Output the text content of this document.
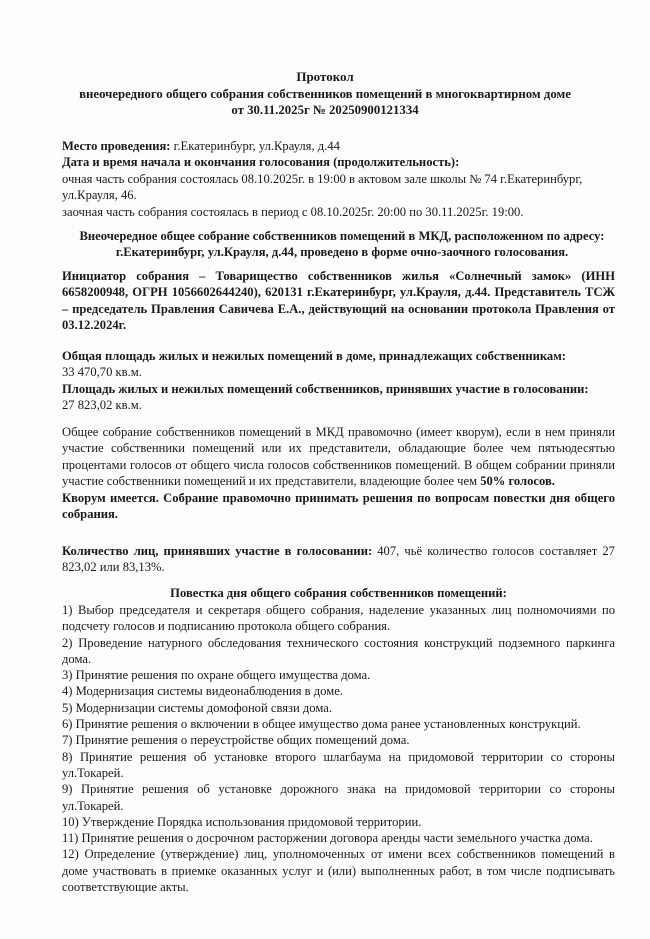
Протокол
внеочередного общего собрания собственников помещений в многоквартирном доме
от 30.11.2025г № 20250900121334

Место проведения: г.Екатеринбург, ул.Крауля, д.44

Дата и время начала и окончания голосования (продолжительность):

очная часть собрания состоялась 08.10.2025г. в 19:00 в актовом зале школы № 74 г.Екатеринбург, ул.Крауля, 46.

заочная часть собрания состоялась в период с 08.10.2025г. 20:00 по 30.11.2025г. 19:00.

Внеочередное общее собрание собственников помещений в МКД, расположенном по адресу: г.Екатеринбург, ул.Крауля, д.44, проведено в форме очно-заочного голосования.
Инициатор собрания – Товарищество собственников жилья «Солнечный замок» (ИНН 6658200948, ОГРН 1056602644240), 620131 г.Екатеринбург, ул.Крауля, д.44. Представитель ТСЖ – председатель Правления Савичева Е.А., действующий на основании протокола Правления от 03.12.2024г.

Общая площадь жилых и нежилых помещений в доме, принадлежащих собственникам:

33 470,70 кв.м.

Площадь жилых и нежилых помещений собственников, принявших участие в голосовании:

27 823,02 кв.м.

Общее собрание собственников помещений в МКД правомочно (имеет кворум), если в нем приняли участие собственники помещений или их представители, обладающие более чем пятьюдесятью процентами голосов от общего числа голосов собственников помещений. В общем собрании приняли участие собственники помещений и их представители, владеющие более чем 50% голосов.

Кворум имеется. Собрание правомочно принимать решения по вопросам повестки дня общего собрания.

Количество лиц, принявших участие в голосовании: 407, чьё количество голосов составляет 27 823,02 или 83,13%.

Повестка дня общего собрания собственников помещений:

1) Выбор председателя и секретаря общего собрания, наделение указанных лиц полномочиями по подсчету голосов и подписанию протокола общего собрания.

2) Проведение натурного обследования технического состояния конструкций подземного паркинга дома.

3) Принятие решения по охране общего имущества дома.

4) Модернизация системы видеонаблюдения в доме.

5) Модернизации системы домофоной связи дома.

6) Принятие решения о включении в общее имущество дома ранее установленных конструкций.

7) Принятие решения о переустройстве общих помещений дома.

8) Принятие решения об установке второго шлагбаума на придомовой территории со стороны ул.Токарей.

9) Принятие решения об установке дорожного знака на придомовой территории со стороны ул.Токарей.

10) Утверждение Порядка использования придомовой территории.

11) Принятие решения о досрочном расторжении договора аренды части земельного участка дома.

12) Определение (утверждение) лиц, уполномоченных от имени всех собственников помещений в доме участвовать в приемке оказанных услуг и (или) выполненных работ, в том числе подписывать соответствующие акты.
